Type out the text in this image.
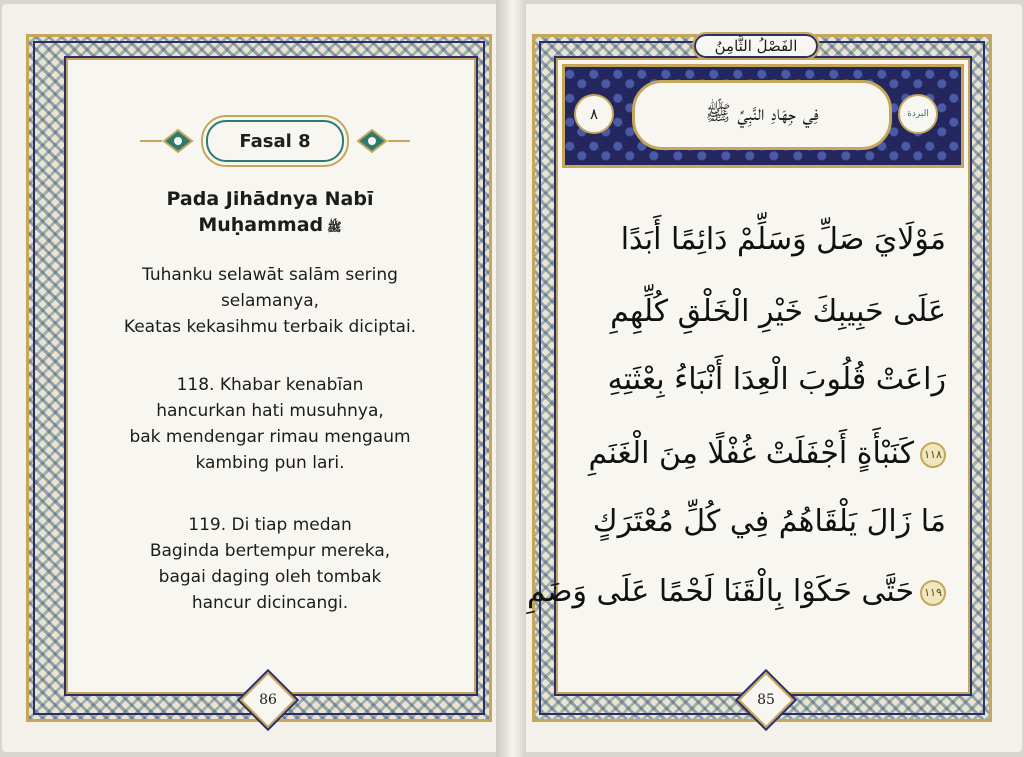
Fasal 8
Pada Jihādnya Nabī
Muḥammad ﷺ
Tuhanku selawāt salām sering
selamanya,
Keatas kekasihmu terbaik diciptai.
118. Khabar kenabīan
hancurkan hati musuhnya,
bak mendengar rimau mengaum
kambing pun lari.
119. Di tiap medan
Baginda bertempur mereka,
bagai daging oleh tombak
hancur dicincangi.
86
الفَصْلُ الثَّامِنُ
٨	فِي جِهَادِ النَّبِيِّ ﷺ	البردة
مَوْلَايَ صَلِّ وَسَلِّمْ دَائِمًا أَبَدًا
عَلَى حَبِيبِكَ خَيْرِ الْخَلْقِ كُلِّهِمِ
رَاعَتْ قُلُوبَ الْعِدَا أَنْبَاءُ بِعْثَتِهِ
١١٨كَنَبْأَةٍ أَجْفَلَتْ غُفْلًا مِنَ الْغَنَمِ
مَا زَالَ يَلْقَاهُمُ فِي كُلِّ مُعْتَرَكٍ
١١٩حَتَّى حَكَوْا بِالْقَنَا لَحْمًا عَلَى وَضَمِ
85
